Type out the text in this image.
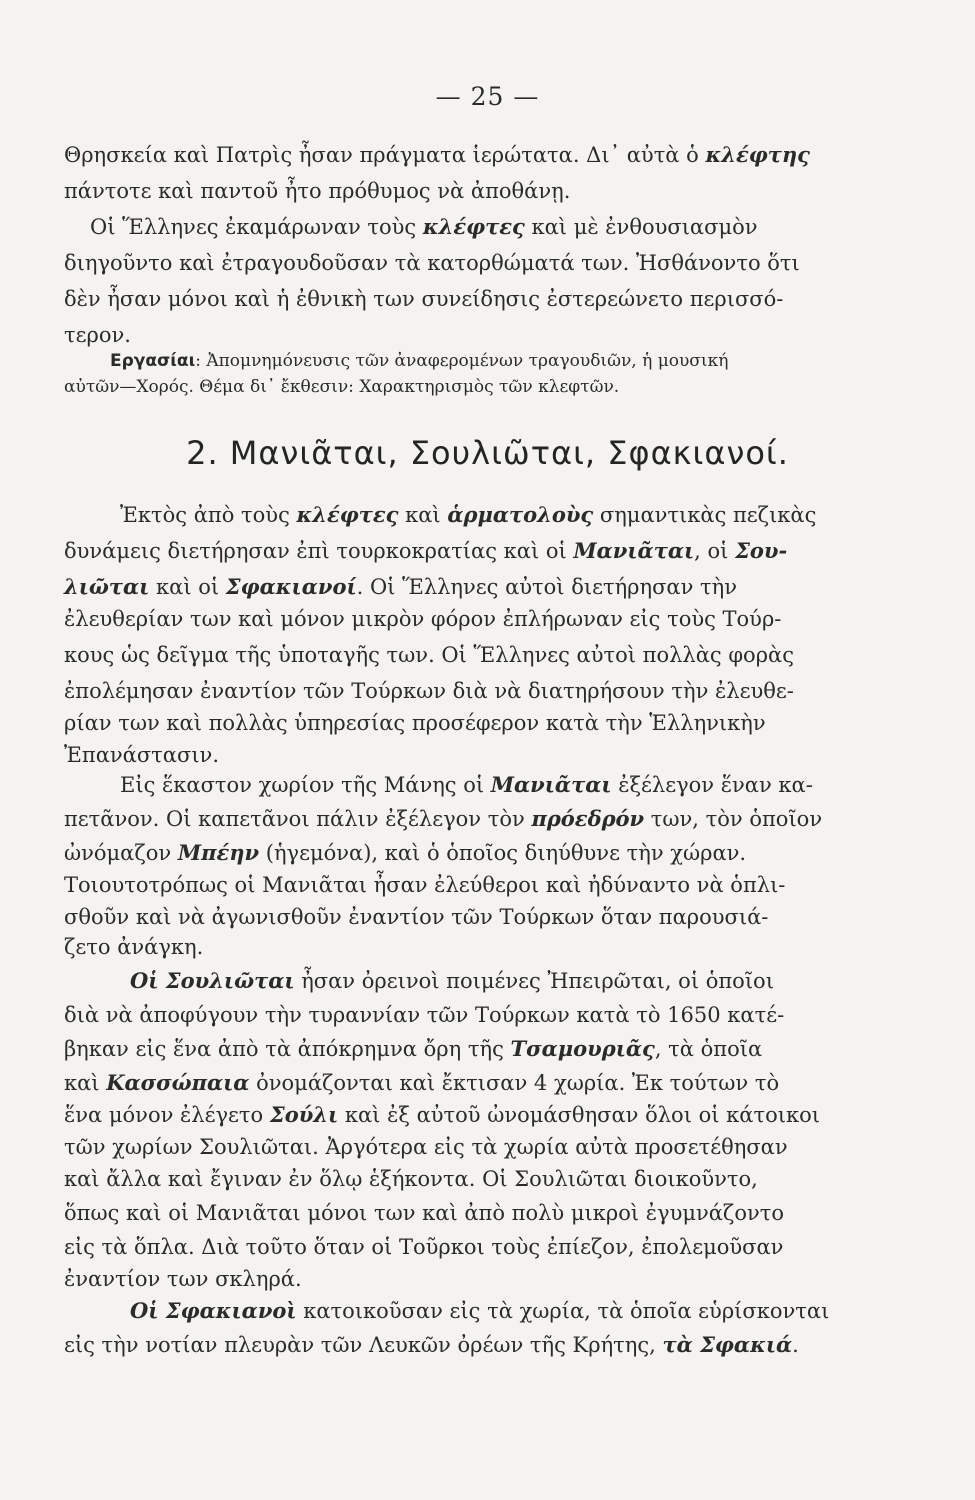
— 25 —
Θρησκεία καὶ Πατρὶς ἦσαν πράγματα ἱερώτατα. Δι᾽ αὐτὰ ὁ κλέφτης
πάντοτε καὶ παντοῦ ἦτο πρόθυμος νὰ ἀποθάνῃ.
Οἱ Ἕλληνες ἐκαμάρωναν τοὺς κλέφτες καὶ μὲ ἐνθουσιασμὸν
διηγοῦντο καὶ ἐτραγουδοῦσαν τὰ κατορθώματά των. Ἠσθάνοντο ὅτι
δὲν ἦσαν μόνοι καὶ ἡ ἐθνικὴ των συνείδησις ἐστερεώνετο περισσό-
τερον.
Εργασίαι: Ἀπομνημόνευσις τῶν ἀναφερομένων τραγουδιῶν, ἡ μουσική
αὐτῶν—Χορός. Θέμα δι᾽ ἔκθεσιν: Χαρακτηρισμὸς τῶν κλεφτῶν.
2. Μανιᾶται, Σουλιῶται, Σφακιανοί.
Ἐκτὸς ἀπὸ τοὺς κλέφτες καὶ ἁρματολοὺς σημαντικὰς πεζικὰς
δυνάμεις διετήρησαν ἐπὶ τουρκοκρατίας καὶ οἱ Μανιᾶται, οἱ Σου-
λιῶται καὶ οἱ Σφακιανοί. Οἱ Ἕλληνες αὐτοὶ διετήρησαν τὴν
ἐλευθερίαν των καὶ μόνον μικρὸν φόρον ἐπλήρωναν εἰς τοὺς Τούρ-
κους ὡς δεῖγμα τῆς ὑποταγῆς των. Οἱ Ἕλληνες αὐτοὶ πολλὰς φορὰς
ἐπολέμησαν ἐναντίον τῶν Τούρκων διὰ νὰ διατηρήσουν τὴν ἐλευθε-
ρίαν των καὶ πολλὰς ὑπηρεσίας προσέφερον κατὰ τὴν Ἑλληνικὴν
Ἐπανάστασιν.
Εἰς ἕκαστον χωρίον τῆς Μάνης οἱ Μανιᾶται ἐξέλεγον ἕναν κα-
πετᾶνον. Οἱ καπετᾶνοι πάλιν ἐξέλεγον τὸν πρόεδρόν των, τὸν ὁποῖον
ὠνόμαζον Μπέην (ἡγεμόνα), καὶ ὁ ὁποῖος διηύθυνε τὴν χώραν.
Τοιουτοτρόπως οἱ Μανιᾶται ἦσαν ἐλεύθεροι καὶ ἠδύναντο νὰ ὁπλι-
σθοῦν καὶ νὰ ἀγωνισθοῦν ἐναντίον τῶν Τούρκων ὅταν παρουσιά-
ζετο ἀνάγκη.
Οἱ Σουλιῶται ἦσαν ὀρεινοὶ ποιμένες Ἠπειρῶται, οἱ ὁποῖοι
διὰ νὰ ἀποφύγουν τὴν τυραννίαν τῶν Τούρκων κατὰ τὸ 1650 κατέ-
βηκαν εἰς ἕνα ἀπὸ τὰ ἀπόκρημνα ὄρη τῆς Τσαμουριᾶς, τὰ ὁποῖα
καὶ Κασσώπαια ὀνομάζονται καὶ ἔκτισαν 4 χωρία. Ἐκ τούτων τὸ
ἕνα μόνον ἐλέγετο Σούλι καὶ ἐξ αὐτοῦ ὠνομάσθησαν ὅλοι οἱ κάτοικοι
τῶν χωρίων Σουλιῶται. Ἀργότερα εἰς τὰ χωρία αὐτὰ προσετέθησαν
καὶ ἄλλα καὶ ἔγιναν ἐν ὅλῳ ἑξήκοντα. Οἱ Σουλιῶται διοικοῦντο,
ὅπως καὶ οἱ Μανιᾶται μόνοι των καὶ ἀπὸ πολὺ μικροὶ ἐγυμνάζοντο
εἰς τὰ ὅπλα. Διὰ τοῦτο ὅταν οἱ Τοῦρκοι τοὺς ἐπίεζον, ἐπολεμοῦσαν
ἐναντίον των σκληρά.
Οἱ Σφακιανοὶ κατοικοῦσαν εἰς τὰ χωρία, τὰ ὁποῖα εὑρίσκονται
εἰς τὴν νοτίαν πλευρὰν τῶν Λευκῶν ὀρέων τῆς Κρήτης, τὰ Σφακιά.
